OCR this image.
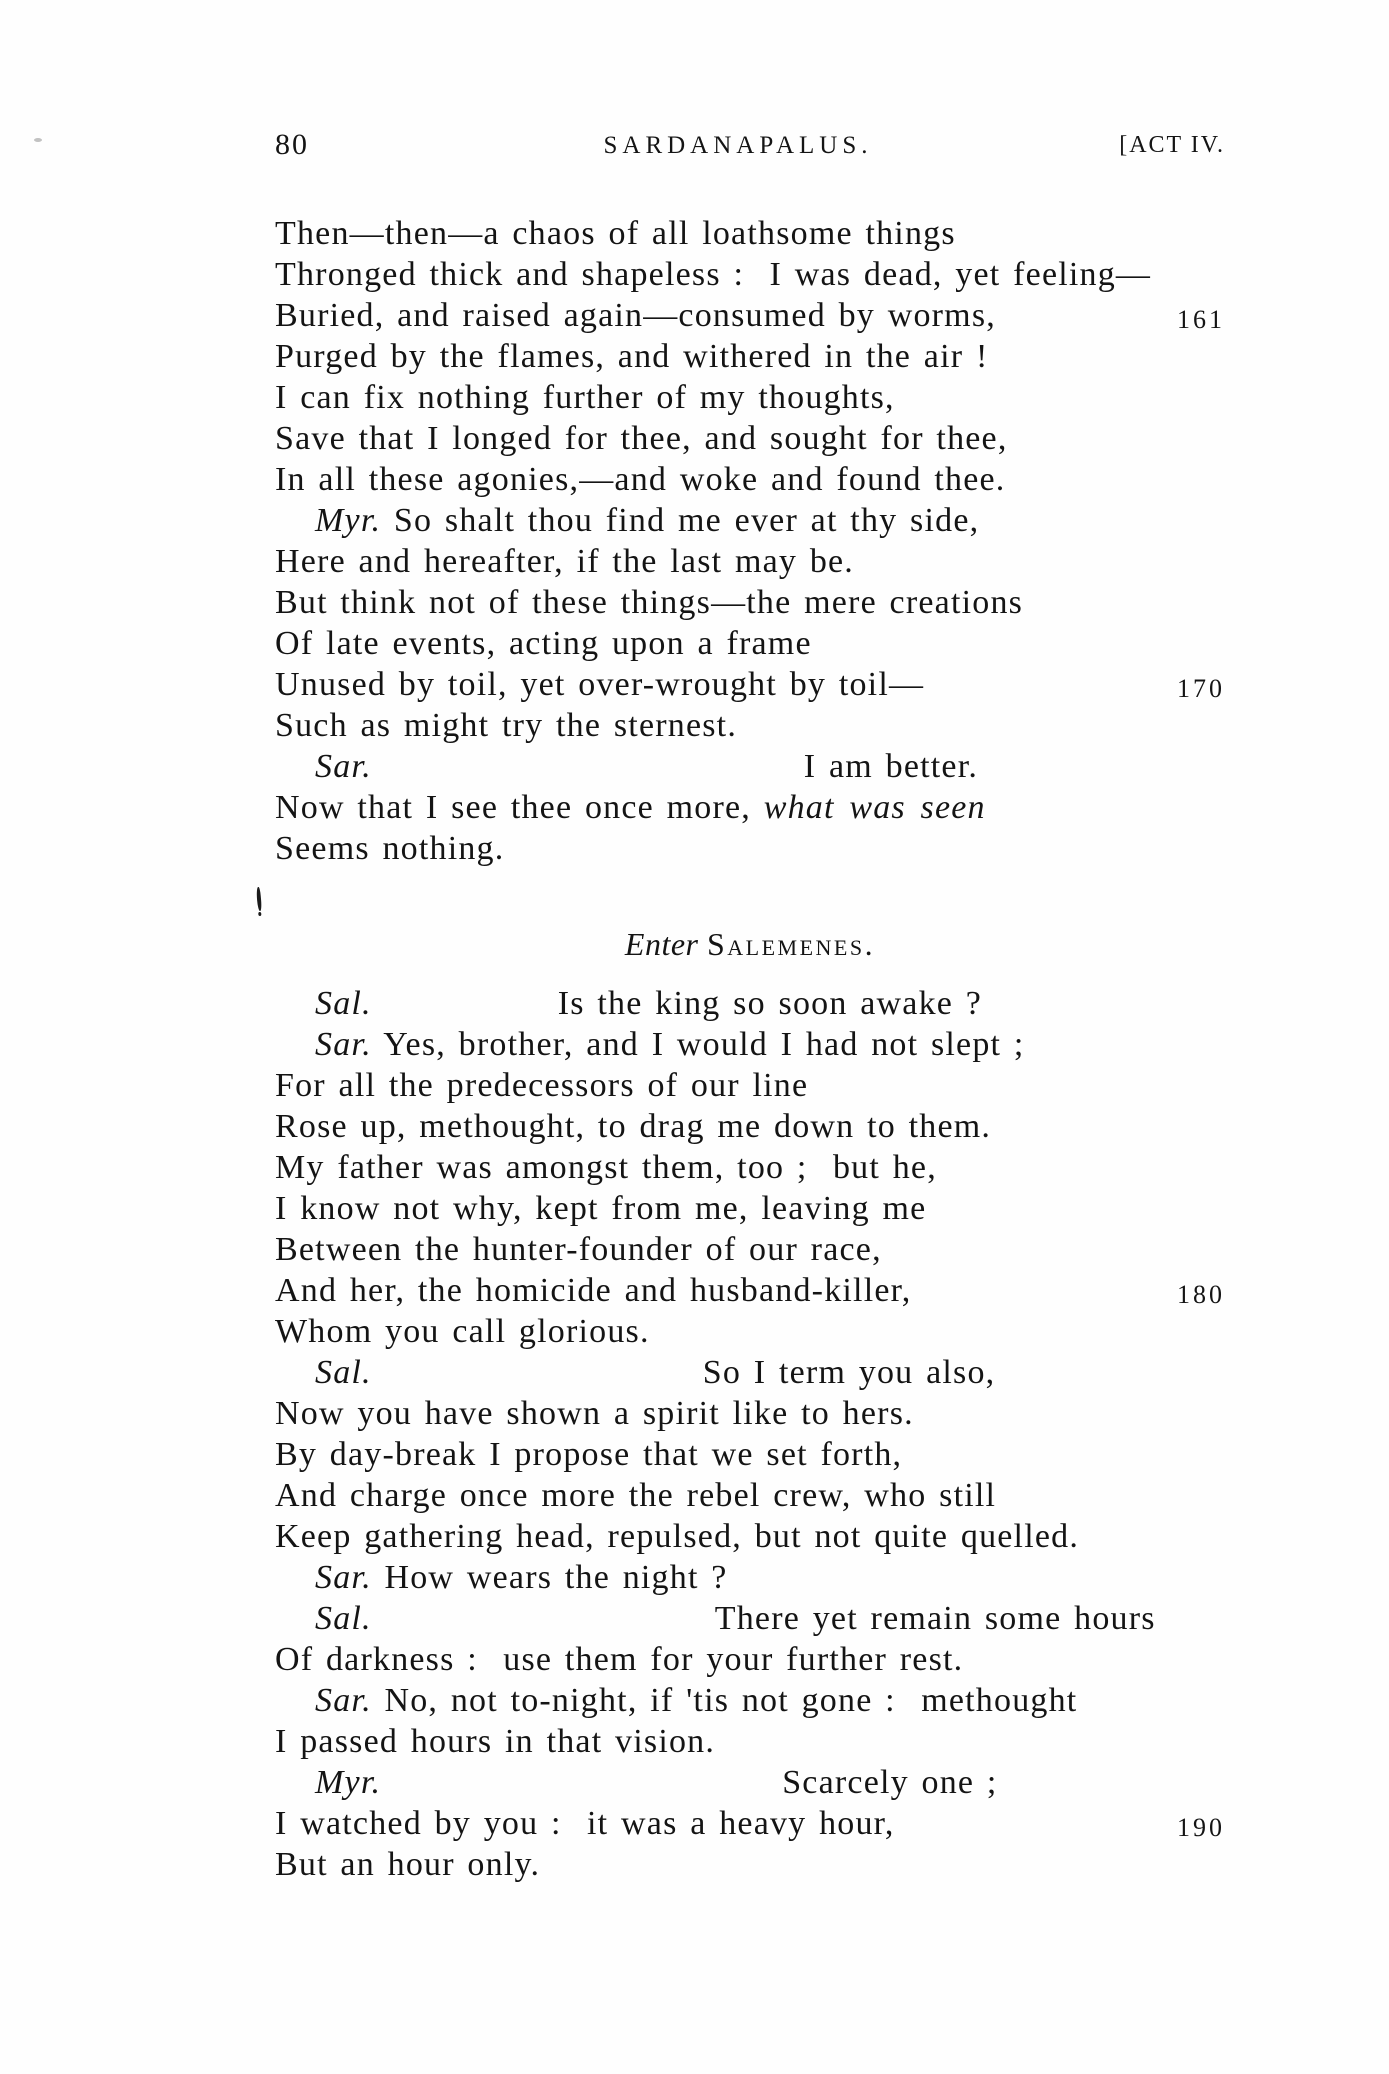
80	SARDANAPALUS.	[ACT IV.
Then—then—a chaos of all loathsome things
Thronged thick and shapeless :  I was dead, yet feeling—
Buried, and raised again—consumed by worms,	161
Purged by the flames, and withered in the air !
I can fix nothing further of my thoughts,
Save that I longed for thee, and sought for thee,
In all these agonies,—and woke and found thee.
Myr. So shalt thou find me ever at thy side,
Here and hereafter, if the last may be.
But think not of these things—the mere creations
Of late events, acting upon a frame
Unused by toil, yet over-wrought by toil—	170
Such as might try the sternest.
Sar.	I am better.
Now that I see thee once more, what was seen
Seems nothing.
Enter Salemenes.
Sal.	Is the king so soon awake ?
Sar. Yes, brother, and I would I had not slept ;
For all the predecessors of our line
Rose up, methought, to drag me down to them.
My father was amongst them, too ;  but he,
I know not why, kept from me, leaving me
Between the hunter-founder of our race,
And her, the homicide and husband-killer,	180
Whom you call glorious.
Sal.	So I term you also,
Now you have shown a spirit like to hers.
By day-break I propose that we set forth,
And charge once more the rebel crew, who still
Keep gathering head, repulsed, but not quite quelled.
Sar. How wears the night ?
Sal.	There yet remain some hours
Of darkness :  use them for your further rest.
Sar. No, not to-night, if 'tis not gone :  methought
I passed hours in that vision.
Myr.	Scarcely one ;
I watched by you :  it was a heavy hour,	190
But an hour only.
